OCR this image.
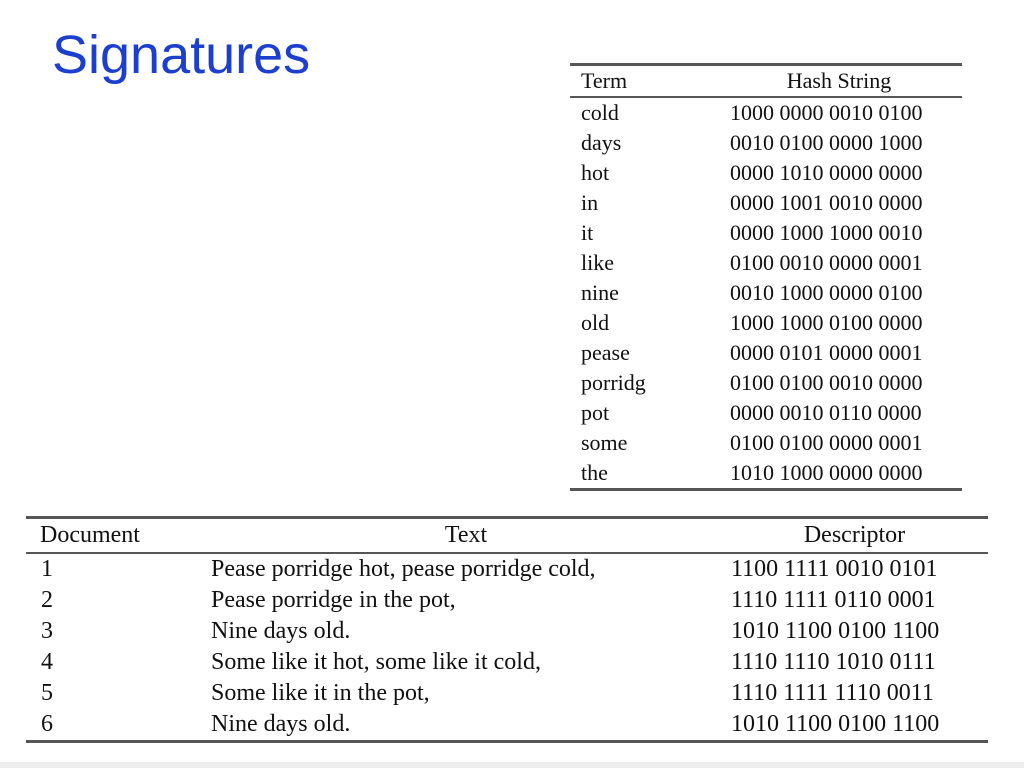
Signatures	Term	Hash String
cold	1000 0000 0010 0100
days	0010 0100 0000 1000
hot	0000 1010 0000 0000
in	0000 1001 0010 0000
it	0000 1000 1000 0010
like	0100 0010 0000 0001
nine	0010 1000 0000 0100
old	1000 1000 0100 0000
pease	0000 0101 0000 0001
porridg	0100 0100 0010 0000
pot	0000 0010 0110 0000
some	0100 0100 0000 0001
the	1010 1000 0000 0000
Document	Text	Descriptor
1	Pease porridge hot, pease porridge cold,	1100 1111 0010 0101
2	Pease porridge in the pot,	1110 1111 0110 0001
3	Nine days old.	1010 1100 0100 1100
4	Some like it hot, some like it cold,	1110 1110 1010 0111
5	Some like it in the pot,	1110 1111 1110 0011
6	Nine days old.	1010 1100 0100 1100
